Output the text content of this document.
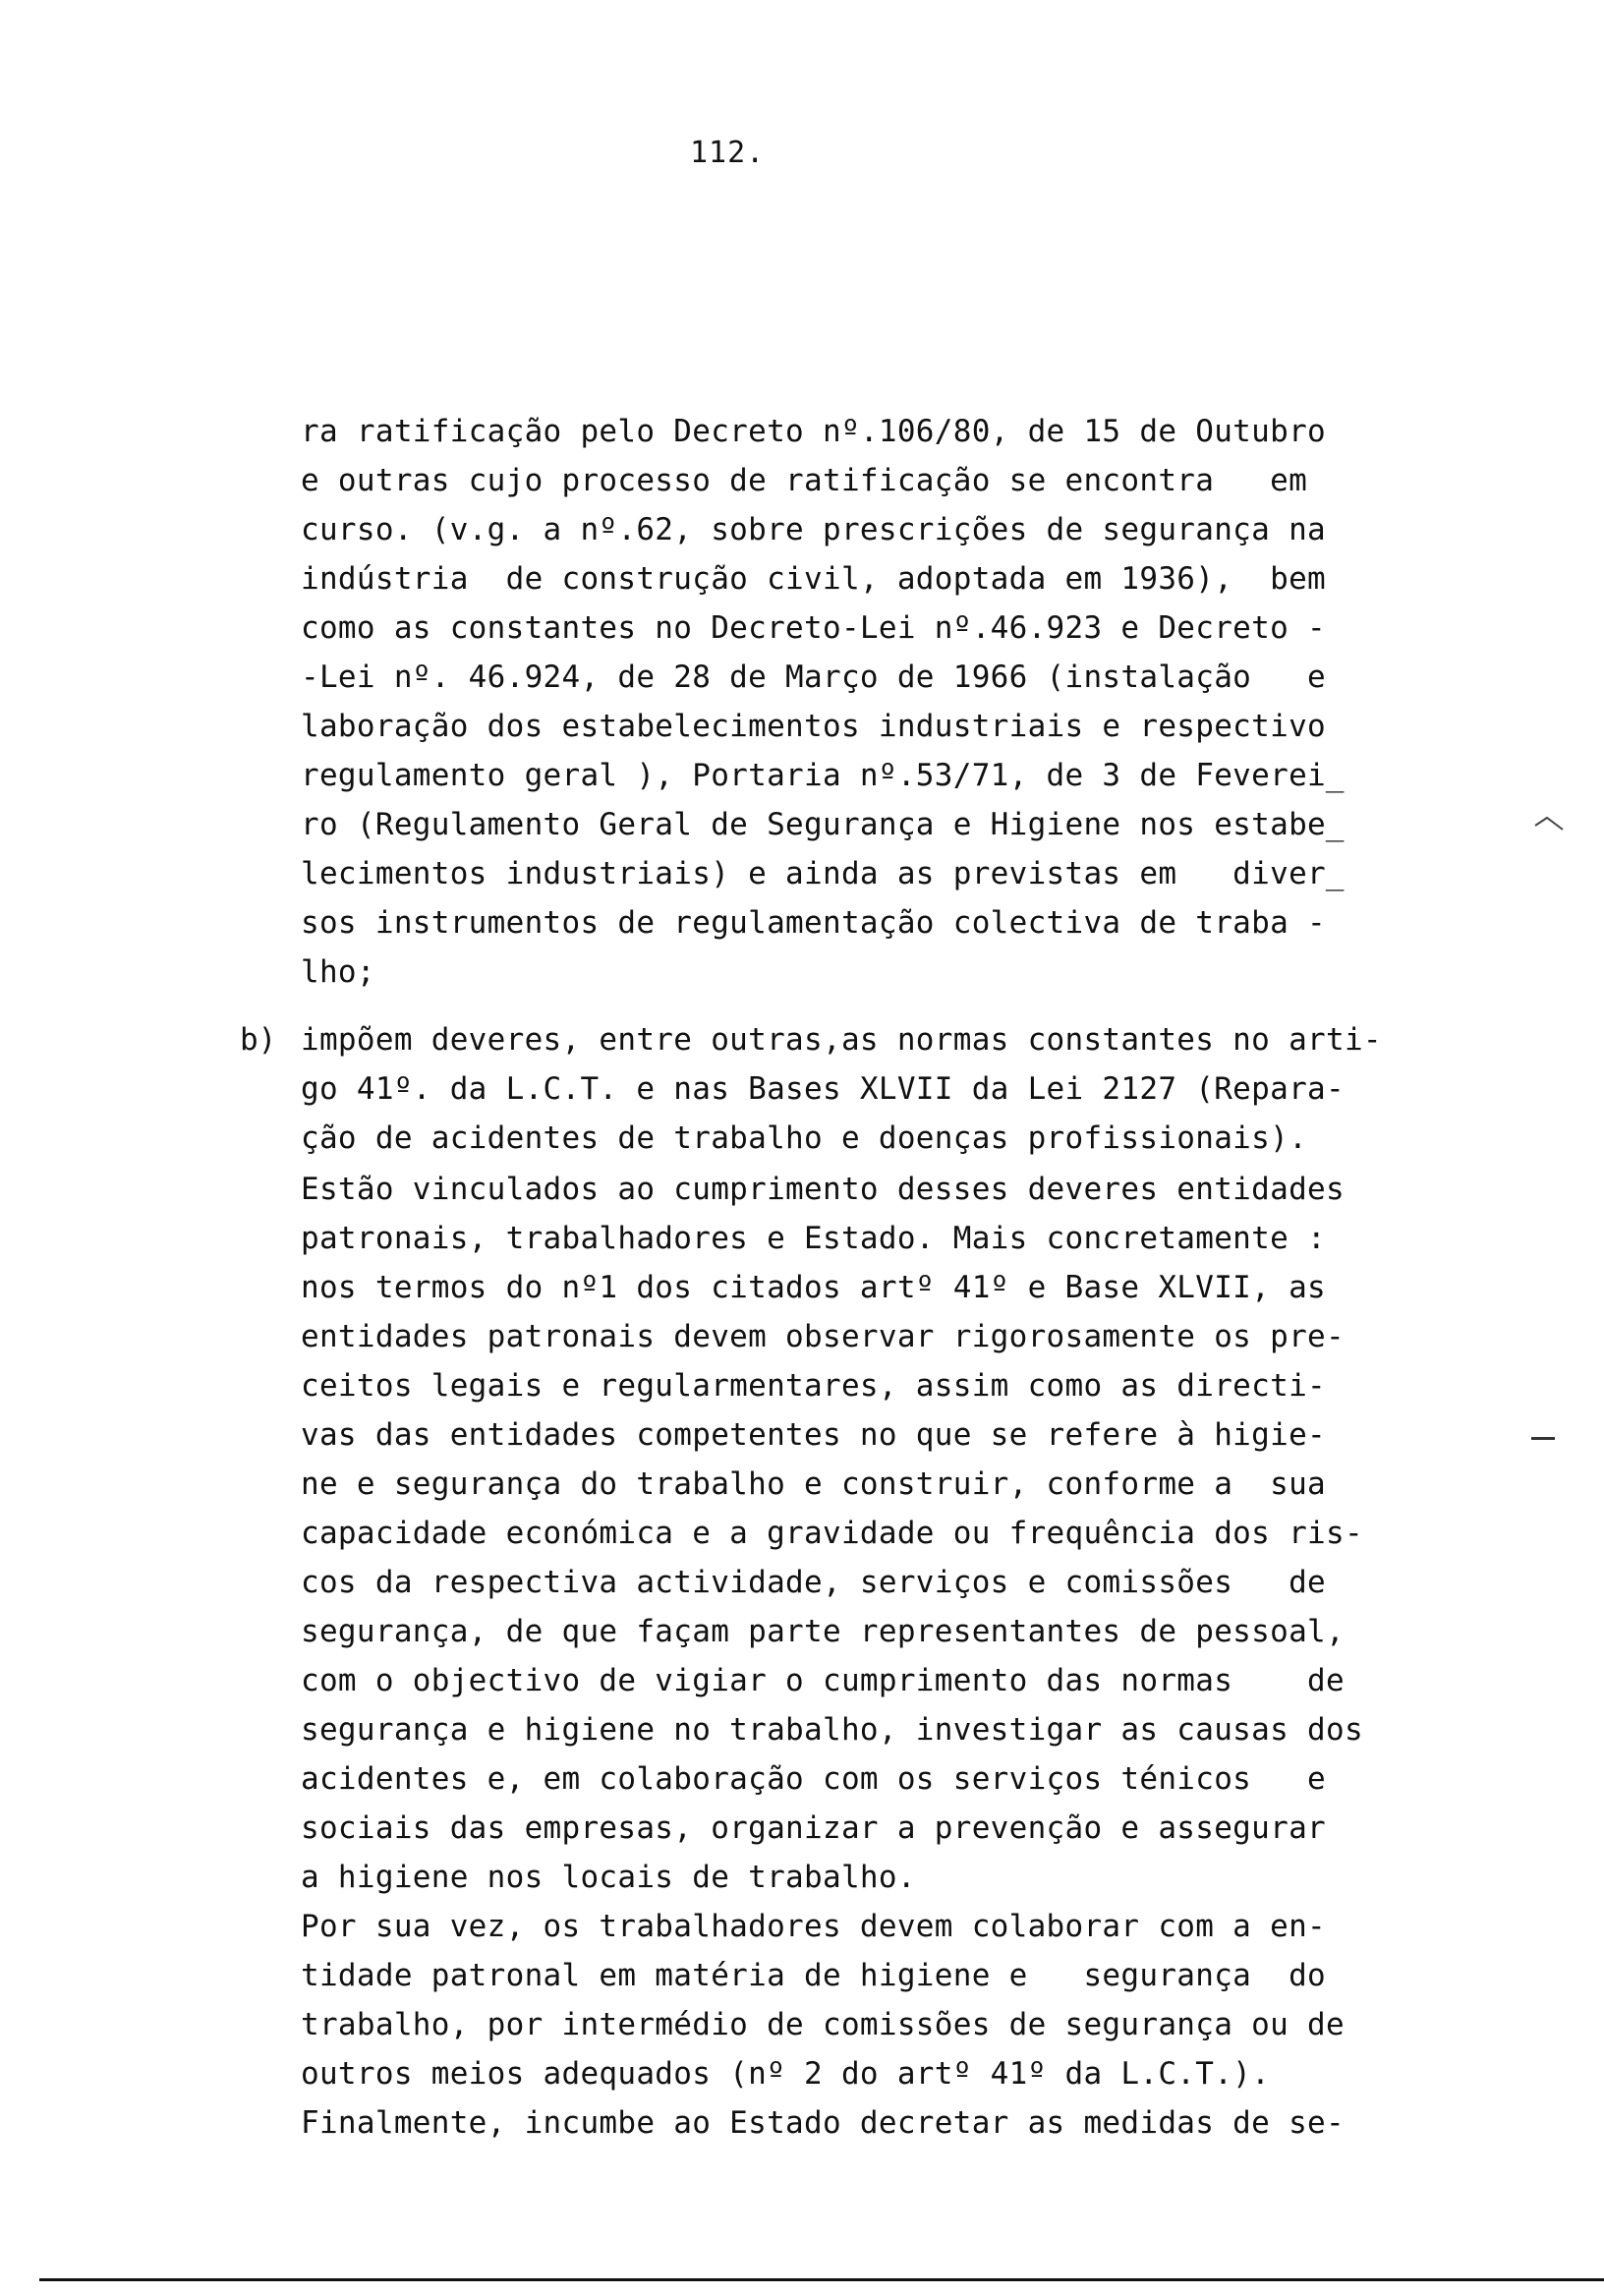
112.
ra ratificação pelo Decreto nº.106/80, de 15 de Outubro
e outras cujo processo de ratificação se encontra   em
curso. (v.g. a nº.62, sobre prescrições de segurança na
indústria  de construção civil, adoptada em 1936),  bem
como as constantes no Decreto-Lei nº.46.923 e Decreto -
-Lei nº. 46.924, de 28 de Março de 1966 (instalação   e
laboração dos estabelecimentos industriais e respectivo
regulamento geral ), Portaria nº.53/71, de 3 de Feverei̲
ro (Regulamento Geral de Segurança e Higiene nos estabe̲
lecimentos industriais) e ainda as previstas em   diver̲
sos instrumentos de regulamentação colectiva de traba -
lho;
b) impõem deveres, entre outras,as normas constantes no arti-
go 41º. da L.C.T. e nas Bases XLVII da Lei 2127 (Repara-
ção de acidentes de trabalho e doenças profissionais).
Estão vinculados ao cumprimento desses deveres entidades
patronais, trabalhadores e Estado. Mais concretamente :
nos termos do nº1 dos citados artº 41º e Base XLVII, as
entidades patronais devem observar rigorosamente os pre-
ceitos legais e regularmentares, assim como as directi-
vas das entidades competentes no que se refere à higie-
ne e segurança do trabalho e construir, conforme a  sua
capacidade económica e a gravidade ou frequência dos ris-
cos da respectiva actividade, serviços e comissões   de
segurança, de que façam parte representantes de pessoal,
com o objectivo de vigiar o cumprimento das normas    de
segurança e higiene no trabalho, investigar as causas dos
acidentes e, em colaboração com os serviços ténicos   e
sociais das empresas, organizar a prevenção e assegurar
a higiene nos locais de trabalho.
Por sua vez, os trabalhadores devem colaborar com a en-
tidade patronal em matéria de higiene e   segurança  do
trabalho, por intermédio de comissões de segurança ou de
outros meios adequados (nº 2 do artº 41º da L.C.T.).
Finalmente, incumbe ao Estado decretar as medidas de se-
